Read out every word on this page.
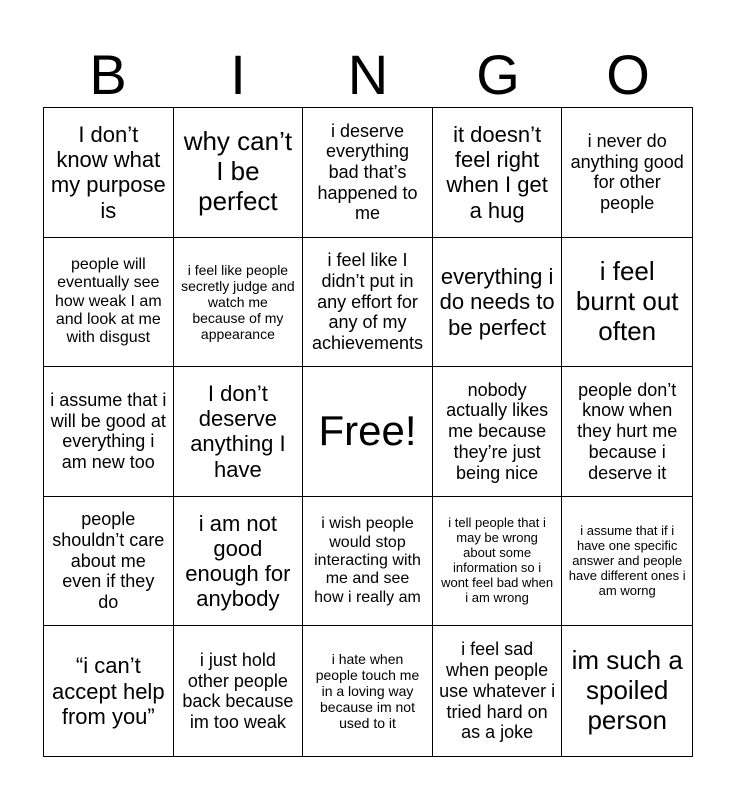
B	I	N	G	O
I don’t know what my purpose is
why can’t I be perfect
i deserve everything bad that’s happened to me
it doesn’t feel right when I get a hug
i never do anything good for other people
people will eventually see how weak I am and look at me with disgust
i feel like people secretly judge and watch me because of my appearance
i feel like I didn’t put in any effort for any of my achievements
everything i do needs to be perfect
i feel burnt out often
i assume that i will be good at everything i am new too
I don’t deserve anything I have
Free!
nobody actually likes me because they’re just being nice
people don’t know when they hurt me because i deserve it
people shouldn’t care about me even if they do
i am not good enough for anybody
i wish people would stop interacting with me and see how i really am
i tell people that i may be wrong about some information so i wont feel bad when i am wrong
i assume that if i have one specific answer and people have different ones i am worng
“i can’t accept help from you”
i just hold other people back because im too weak
i hate when people touch me in a loving way because im not used to it
i feel sad when people use whatever i tried hard on as a joke
im such a spoiled person
